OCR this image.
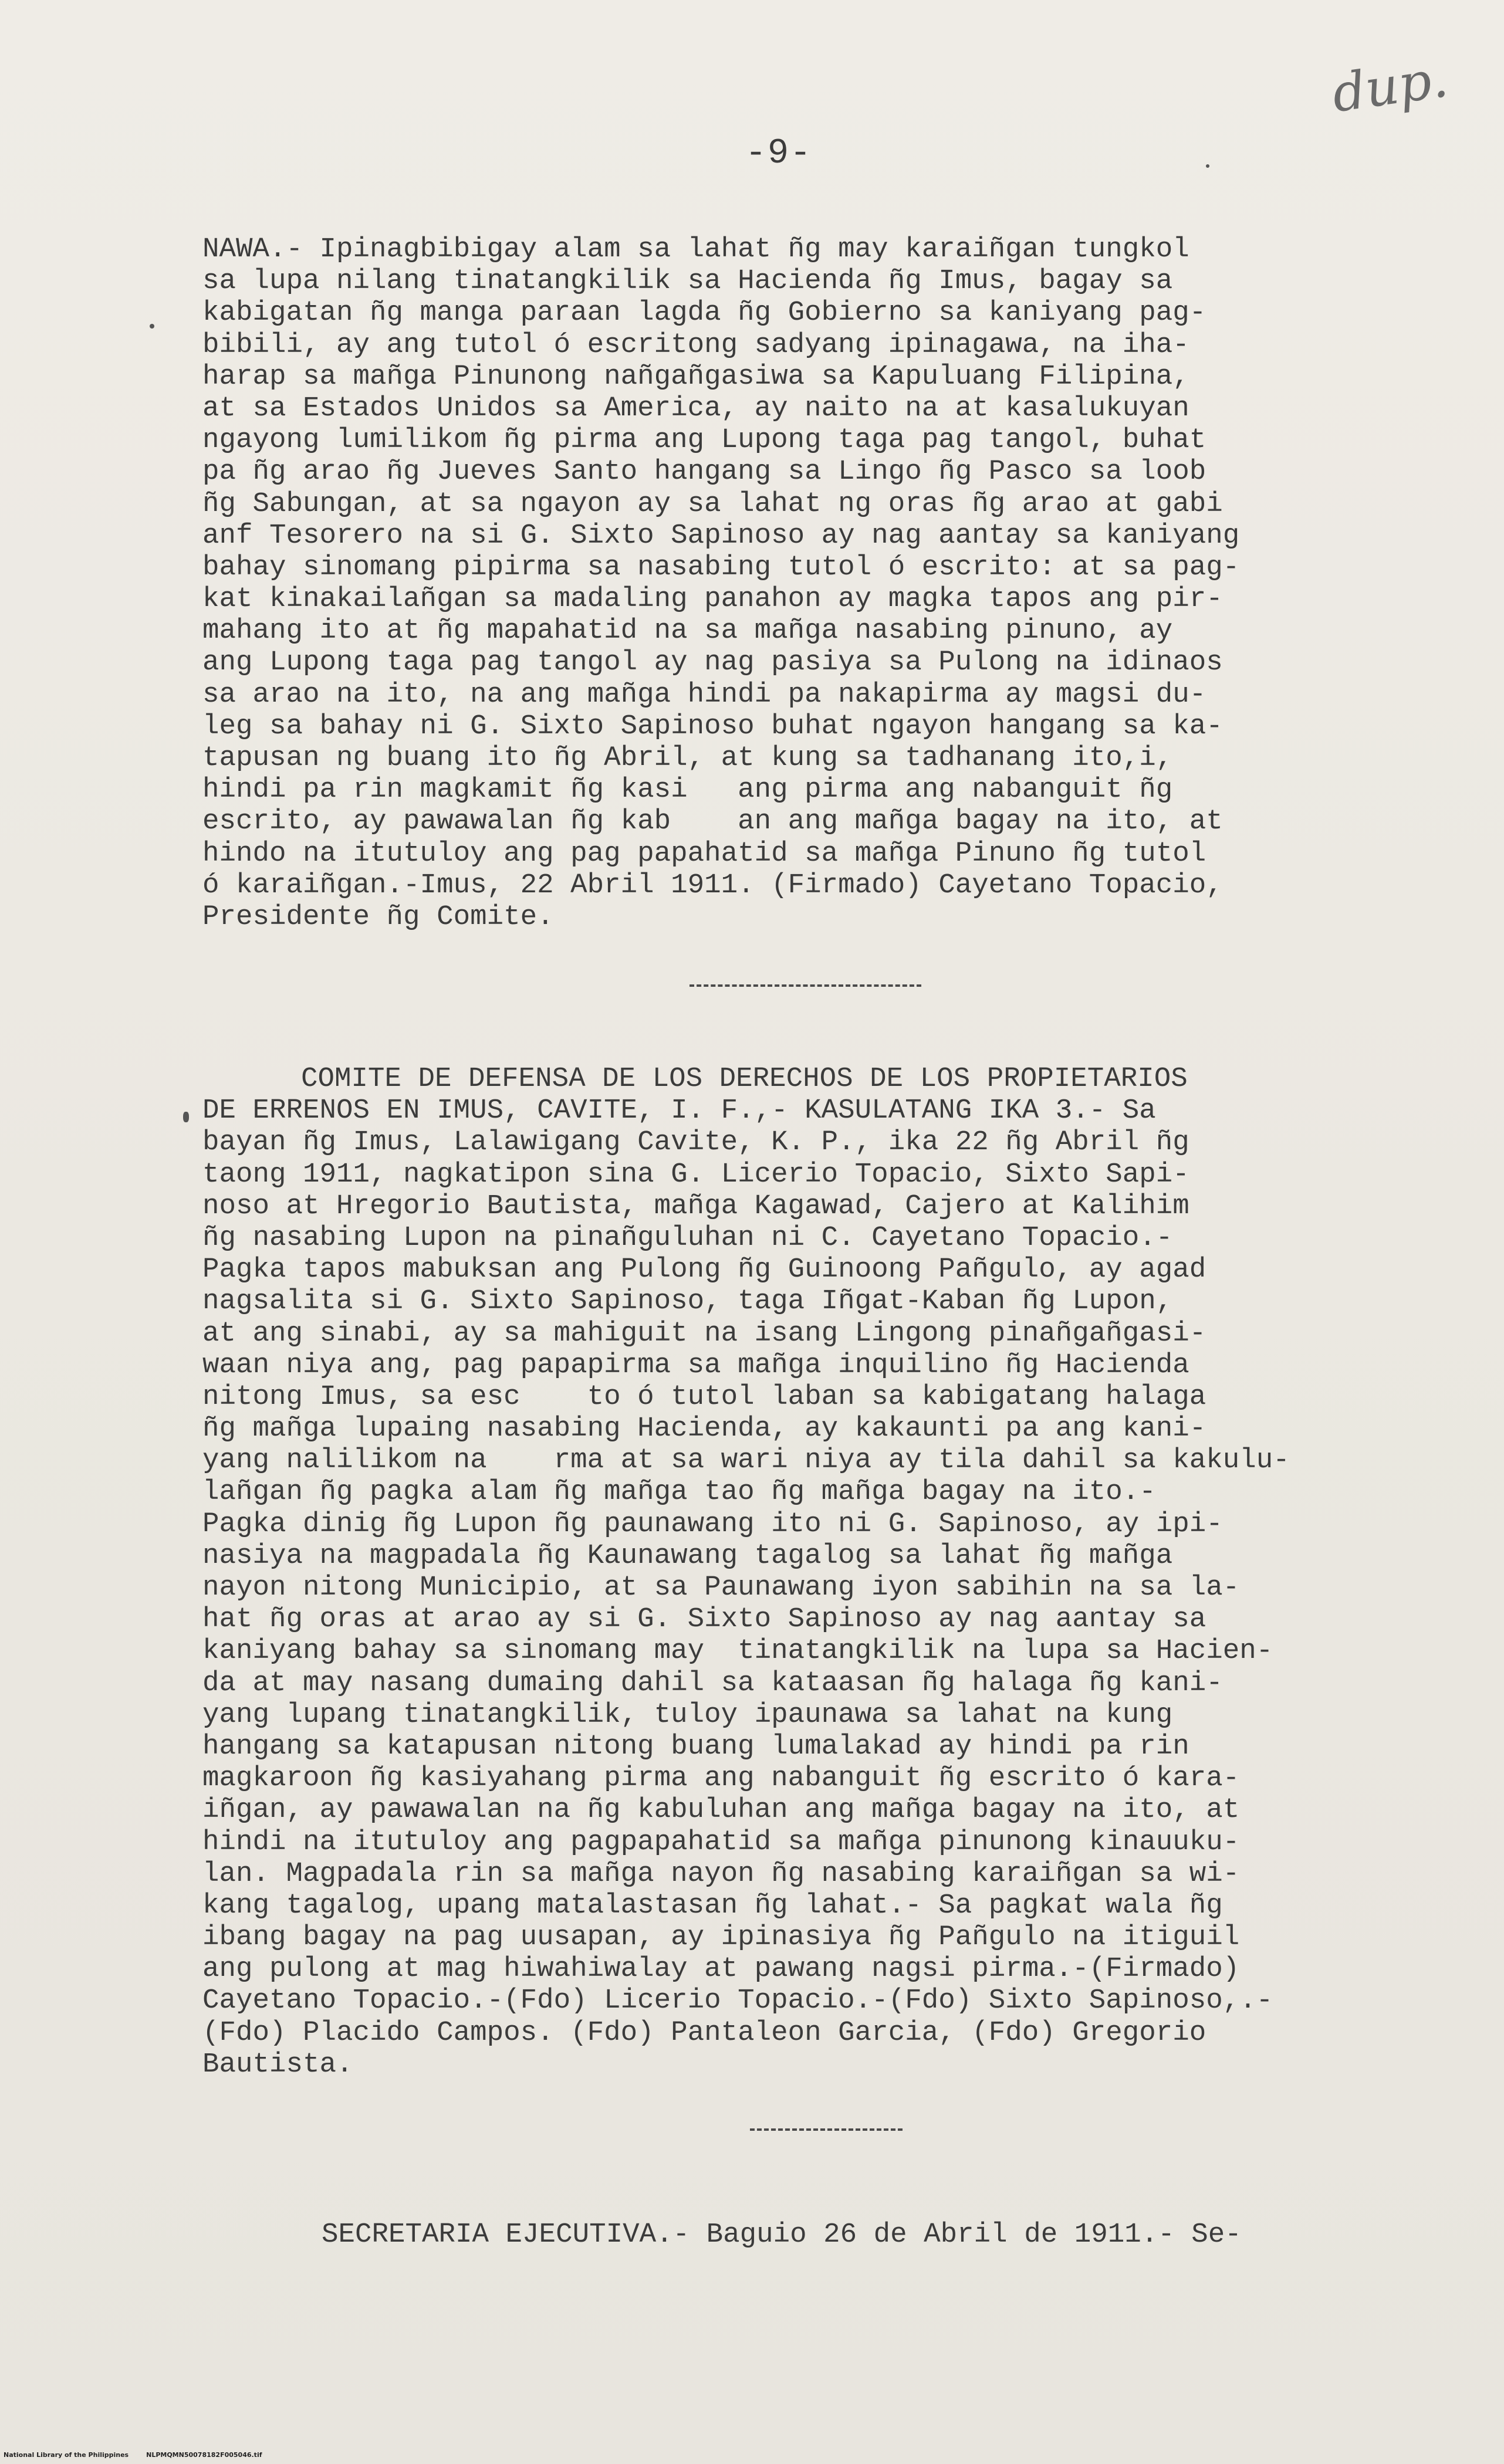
dup.
-9-
NAWA.- Ipinagbibigay alam sa lahat ñg may karaiñgan tungkol
sa lupa nilang tinatangkilik sa Hacienda ñg Imus, bagay sa
kabigatan ñg manga paraan lagda ñg Gobierno sa kaniyang pag-
bibili, ay ang tutol ó escritong sadyang ipinagawa, na iha-
harap sa mañga Pinunong nañgañgasiwa sa Kapuluang Filipina,
at sa Estados Unidos sa America, ay naito na at kasalukuyan
ngayong lumilikom ñg pirma ang Lupong taga pag tangol, buhat
pa ñg arao ñg Jueves Santo hangang sa Lingo ñg Pasco sa loob
ñg Sabungan, at sa ngayon ay sa lahat ng oras ñg arao at gabi
anf Tesorero na si G. Sixto Sapinoso ay nag aantay sa kaniyang
bahay sinomang pipirma sa nasabing tutol ó escrito: at sa pag-
kat kinakailañgan sa madaling panahon ay magka tapos ang pir-
mahang ito at ñg mapahatid na sa mañga nasabing pinuno, ay
ang Lupong taga pag tangol ay nag pasiya sa Pulong na idinaos
sa arao na ito, na ang mañga hindi pa nakapirma ay magsi du-
leg sa bahay ni G. Sixto Sapinoso buhat ngayon hangang sa ka-
tapusan ng buang ito ñg Abril, at kung sa tadhanang ito,i,
hindi pa rin magkamit ñg kasi   ang pirma ang nabanguit ñg
escrito, ay pawawalan ñg kab    an ang mañga bagay na ito, at
hindo na itutuloy ang pag papahatid sa mañga Pinuno ñg tutol
ó karaiñgan.-Imus, 22 Abril 1911. (Firmado) Cayetano Topacio,
Presidente ñg Comite.
COMITE DE DEFENSA DE LOS DERECHOS DE LOS PROPIETARIOS
DE ERRENOS EN IMUS, CAVITE, I. F.,- KASULATANG IKA 3.- Sa
bayan ñg Imus, Lalawigang Cavite, K. P., ika 22 ñg Abril ñg
taong 1911, nagkatipon sina G. Licerio Topacio, Sixto Sapi-
noso at Hregorio Bautista, mañga Kagawad, Cajero at Kalihim
ñg nasabing Lupon na pinañguluhan ni C. Cayetano Topacio.-
Pagka tapos mabuksan ang Pulong ñg Guinoong Pañgulo, ay agad
nagsalita si G. Sixto Sapinoso, taga Iñgat-Kaban ñg Lupon,
at ang sinabi, ay sa mahiguit na isang Lingong pinañgañgasi-
waan niya ang, pag papapirma sa mañga inquilino ñg Hacienda
nitong Imus, sa esc    to ó tutol laban sa kabigatang halaga
ñg mañga lupaing nasabing Hacienda, ay kakaunti pa ang kani-
yang nalilikom na    rma at sa wari niya ay tila dahil sa kakulu-
lañgan ñg pagka alam ñg mañga tao ñg mañga bagay na ito.-
Pagka dinig ñg Lupon ñg paunawang ito ni G. Sapinoso, ay ipi-
nasiya na magpadala ñg Kaunawang tagalog sa lahat ñg mañga
nayon nitong Municipio, at sa Paunawang iyon sabihin na sa la-
hat ñg oras at arao ay si G. Sixto Sapinoso ay nag aantay sa
kaniyang bahay sa sinomang may  tinatangkilik na lupa sa Hacien-
da at may nasang dumaing dahil sa kataasan ñg halaga ñg kani-
yang lupang tinatangkilik, tuloy ipaunawa sa lahat na kung
hangang sa katapusan nitong buang lumalakad ay hindi pa rin
magkaroon ñg kasiyahang pirma ang nabanguit ñg escrito ó kara-
iñgan, ay pawawalan na ñg kabuluhan ang mañga bagay na ito, at
hindi na itutuloy ang pagpapahatid sa mañga pinunong kinauuku-
lan. Magpadala rin sa mañga nayon ñg nasabing karaiñgan sa wi-
kang tagalog, upang matalastasan ñg lahat.- Sa pagkat wala ñg
ibang bagay na pag uusapan, ay ipinasiya ñg Pañgulo na itiguil
ang pulong at mag hiwahiwalay at pawang nagsi pirma.-(Firmado)
Cayetano Topacio.-(Fdo) Licerio Topacio.-(Fdo) Sixto Sapinoso,.-
(Fdo) Placido Campos. (Fdo) Pantaleon Garcia, (Fdo) Gregorio
Bautista.
SECRETARIA EJECUTIVA.- Baguio 26 de Abril de 1911.- Se-
National Library of the Philippines	NLPMQMN50078182F005046.tif
